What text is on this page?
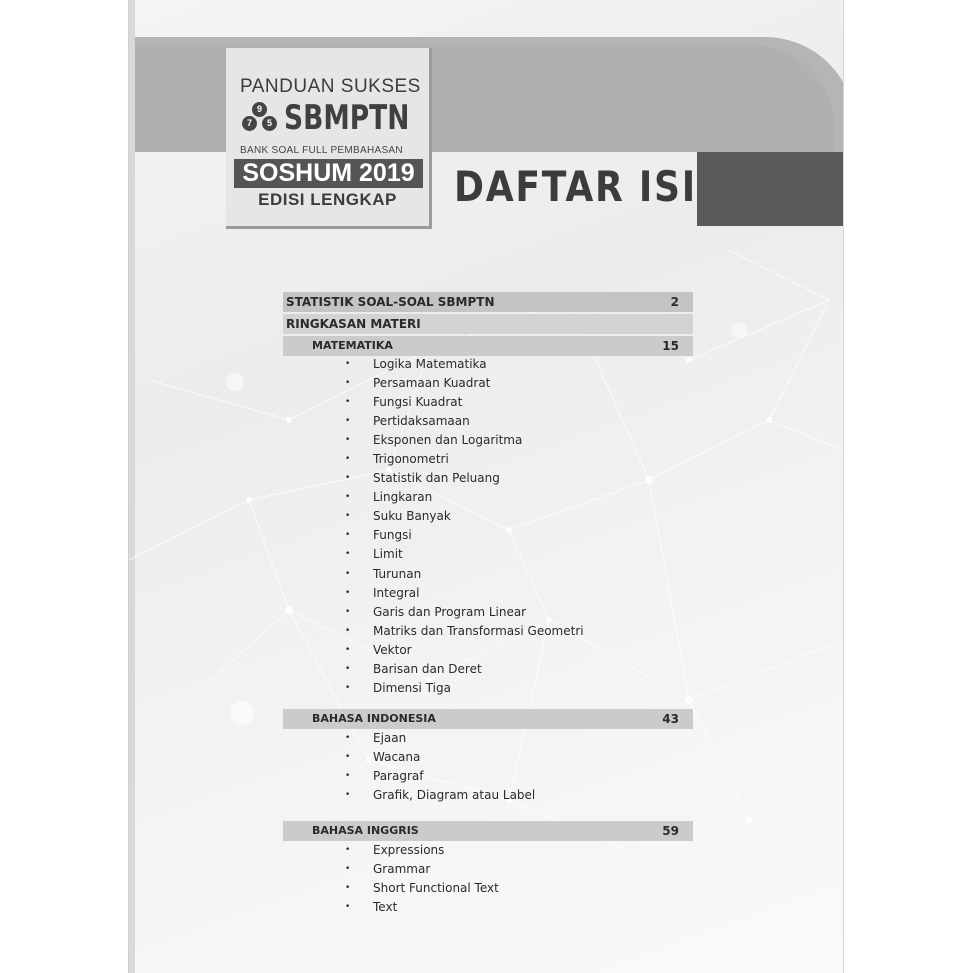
PANDUAN SUKSES
9
7	5 SBMPTN
BANK SOAL FULL PEMBAHASAN
SOSHUM 2019
EDISI LENGKAP	DAFTAR ISI
STATISTIK SOAL-SOAL SBMPTN	2
RINGKASAN MATERI
MATEMATIKA	15
• Logika Matematika
• Persamaan Kuadrat
• Fungsi Kuadrat
• Pertidaksamaan
• Eksponen dan Logaritma
• Trigonometri
• Statistik dan Peluang
• Lingkaran
• Suku Banyak
• Fungsi
• Limit
• Turunan
• Integral
• Garis dan Program Linear
• Matriks dan Transformasi Geometri
• Vektor
• Barisan dan Deret
• Dimensi Tiga
BAHASA INDONESIA	43
• Ejaan
• Wacana
• Paragraf
• Grafik, Diagram atau Label
BAHASA INGGRIS	59
• Expressions
• Grammar
• Short Functional Text
• Text
